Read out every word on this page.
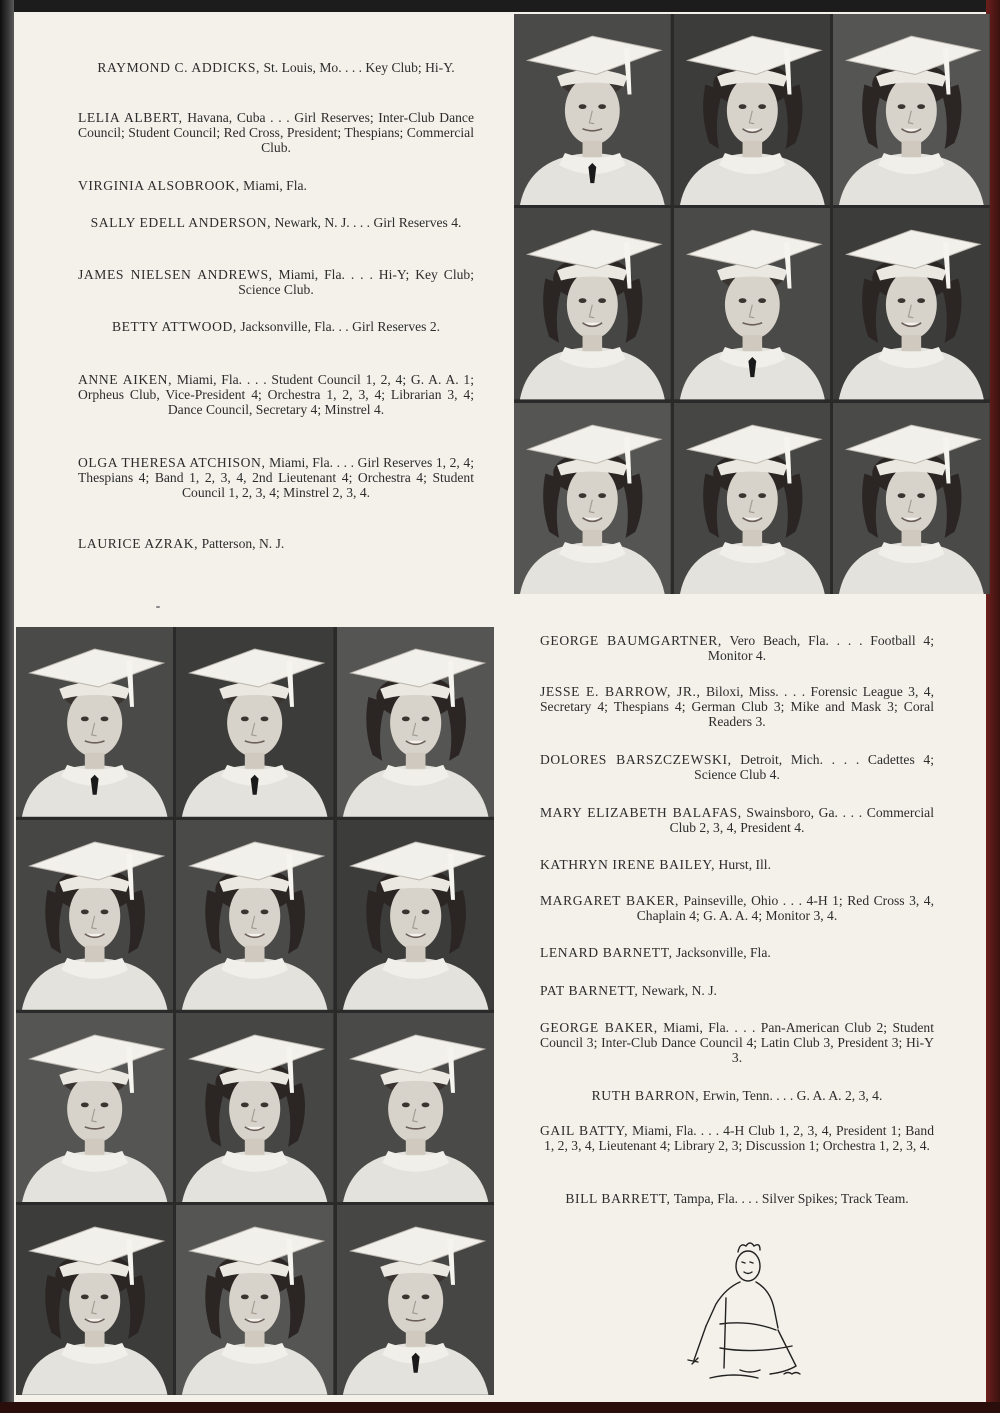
RAYMOND C. ADDICKS, St. Louis, Mo. . . . Key Club; Hi-Y.
LELIA ALBERT, Havana, Cuba . . . Girl Reserves; Inter-Club Dance Council; Student Council; Red Cross, President; Thespians; Commercial Club.
VIRGINIA ALSOBROOK, Miami, Fla.
SALLY EDELL ANDERSON, Newark, N. J. . . . Girl Reserves 4.
JAMES NIELSEN ANDREWS, Miami, Fla. . . . Hi-Y; Key Club; Science Club.
BETTY ATTWOOD, Jacksonville, Fla. . . Girl Reserves 2.
ANNE AIKEN, Miami, Fla. . . . Student Council 1, 2, 4; G. A. A. 1; Orpheus Club, Vice-President 4; Orchestra 1, 2, 3, 4; Librarian 3, 4; Dance Council, Secretary 4; Minstrel 4.
OLGA THERESA ATCHISON, Miami, Fla. . . . Girl Reserves 1, 2, 4; Thespians 4; Band 1, 2, 3, 4, 2nd Lieutenant 4; Orchestra 4; Student Council 1, 2, 3, 4; Minstrel 2, 3, 4.
LAURICE AZRAK, Patterson, N. J.
GEORGE BAUMGARTNER, Vero Beach, Fla. . . . Football 4; Monitor 4.
JESSE E. BARROW, JR., Biloxi, Miss. . . . Forensic League 3, 4, Secretary 4; Thespians 4; German Club 3; Mike and Mask 3; Coral Readers 3.
DOLORES BARSZCZEWSKI, Detroit, Mich. . . . Cadettes 4; Science Club 4.
MARY ELIZABETH BALAFAS, Swainsboro, Ga. . . . Commercial Club 2, 3, 4, President 4.
KATHRYN IRENE BAILEY, Hurst, Ill.
MARGARET BAKER, Painseville, Ohio . . . 4-H 1; Red Cross 3, 4, Chaplain 4; G. A. A. 4; Monitor 3, 4.
LENARD BARNETT, Jacksonville, Fla.
PAT BARNETT, Newark, N. J.
GEORGE BAKER, Miami, Fla. . . . Pan-American Club 2; Student Council 3; Inter-Club Dance Council 4; Latin Club 3, President 3; Hi-Y 3.
RUTH BARRON, Erwin, Tenn. . . . G. A. A. 2, 3, 4.
GAIL BATTY, Miami, Fla. . . . 4-H Club 1, 2, 3, 4, President 1; Band 1, 2, 3, 4, Lieutenant 4; Library 2, 3; Discussion 1; Orchestra 1, 2, 3, 4.
BILL BARRETT, Tampa, Fla. . . . Silver Spikes; Track Team.
